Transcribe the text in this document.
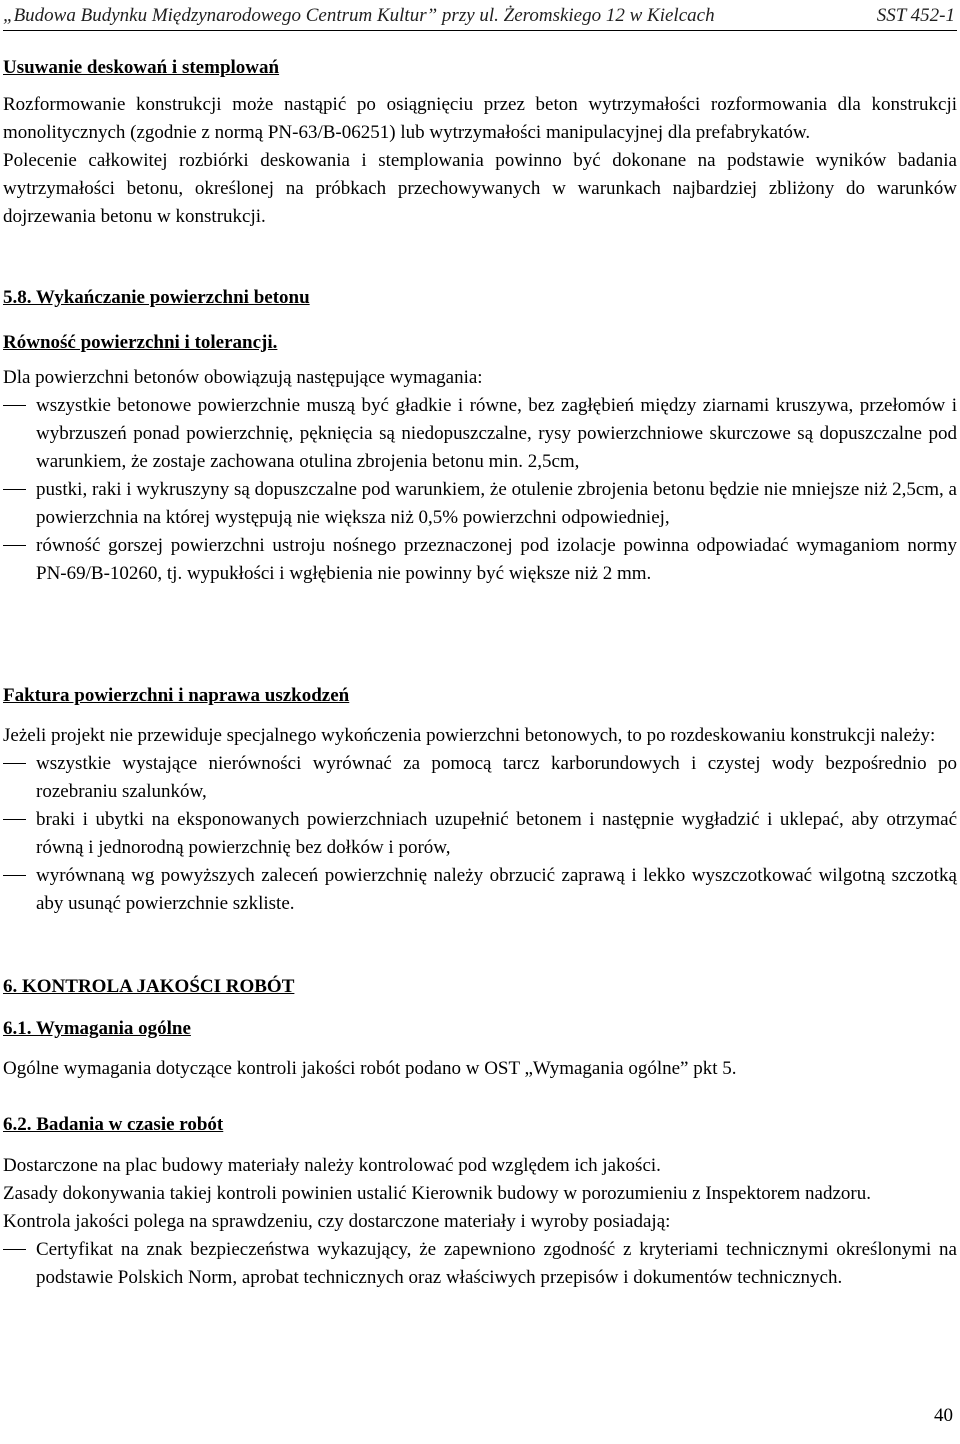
„Budowa Budynku Międzynarodowego Centrum Kultur” przy ul. Żeromskiego 12 w Kielcach	SST 452-1

Usuwanie deskowań i stemplowań

Rozformowanie konstrukcji może nastąpić po osiągnięciu przez beton wytrzymałości rozformowania dla konstrukcji monolitycznych (zgodnie z normą PN-63/B-06251) lub wytrzymałości manipulacyjnej dla prefabrykatów.

Polecenie całkowitej rozbiórki deskowania i stemplowania powinno być dokonane na podstawie wyników badania wytrzymałości betonu, określonej na próbkach przechowywanych w warunkach najbardziej zbliżony do warunków dojrzewania betonu w konstrukcji.

5.8. Wykańczanie powierzchni betonu

Równość powierzchni i tolerancji.

Dla powierzchni betonów obowiązują następujące wymagania:

wszystkie betonowe powierzchnie muszą być gładkie i równe, bez zagłębień między ziarnami kruszywa, przełomów i wybrzuszeń ponad powierzchnię, pęknięcia są niedopuszczalne, rysy powierzchniowe skurczowe są dopuszczalne pod warunkiem, że zostaje zachowana otulina zbrojenia betonu min. 2,5cm,
pustki, raki i wykruszyny są dopuszczalne pod warunkiem, że otulenie zbrojenia betonu będzie nie mniejsze niż 2,5cm, a powierzchnia na której występują nie większa niż 0,5% powierzchni odpowiedniej,
równość gorszej powierzchni ustroju nośnego przeznaczonej pod izolacje powinna odpowiadać wymaganiom normy PN-69/B-10260, tj. wypukłości i wgłębienia nie powinny być większe niż 2 mm.

Faktura powierzchni i naprawa uszkodzeń

Jeżeli projekt nie przewiduje specjalnego wykończenia powierzchni betonowych, to po rozdeskowaniu konstrukcji należy:

wszystkie wystające nierówności wyrównać za pomocą tarcz karborundowych i czystej wody bezpośrednio po rozebraniu szalunków,
braki i ubytki na eksponowanych powierzchniach uzupełnić betonem i następnie wygładzić i uklepać, aby otrzymać równą i jednorodną powierzchnię bez dołków i porów,
wyrównaną wg powyższych zaleceń powierzchnię należy obrzucić zaprawą i lekko wyszczotkować wilgotną szczotką aby usunąć powierzchnie szkliste.

6. KONTROLA JAKOŚCI ROBÓT

6.1. Wymagania ogólne

Ogólne wymagania dotyczące kontroli jakości robót podano w OST „Wymagania ogólne” pkt 5.

6.2. Badania w czasie robót

Dostarczone na plac budowy materiały należy kontrolować pod względem ich jakości.

Zasady dokonywania takiej kontroli powinien ustalić Kierownik budowy w porozumieniu z Inspektorem nadzoru.

Kontrola jakości polega na sprawdzeniu, czy dostarczone materiały i wyroby posiadają:

Certyfikat na znak bezpieczeństwa wykazujący, że zapewniono zgodność z kryteriami technicznymi określonymi na podstawie Polskich Norm, aprobat technicznych oraz właściwych przepisów i dokumentów technicznych.
40
